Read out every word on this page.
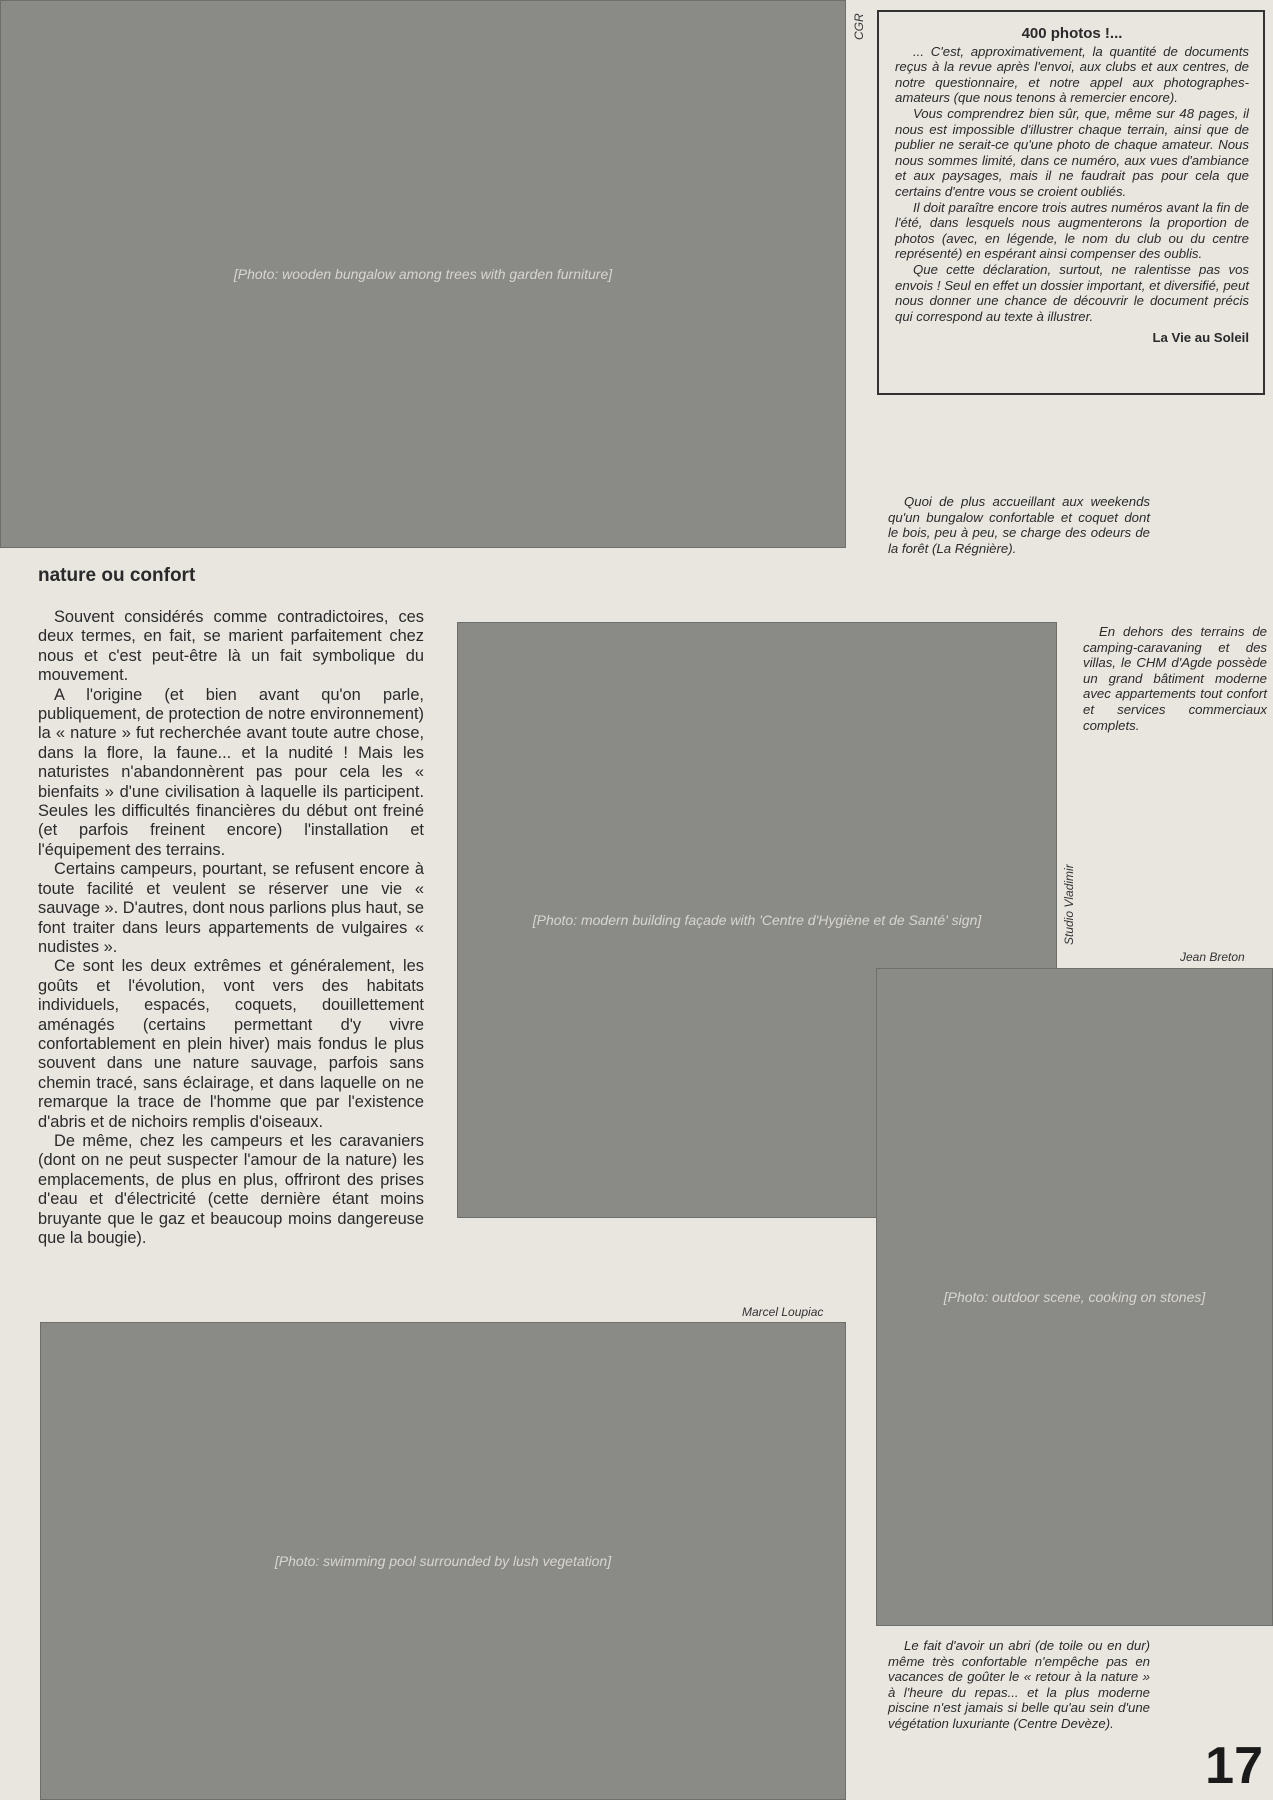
[Photo: wooden bungalow among trees with garden furniture]
CGR	400 photos !...

... C'est, approximativement, la quantité de documents reçus à la revue après l'envoi, aux clubs et aux centres, de notre questionnaire, et notre appel aux photographes-amateurs (que nous tenons à remercier encore).

Vous comprendrez bien sûr, que, même sur 48 pages, il nous est impossible d'illustrer chaque terrain, ainsi que de publier ne serait-ce qu'une photo de chaque amateur. Nous nous sommes limité, dans ce numéro, aux vues d'ambiance et aux paysages, mais il ne faudrait pas pour cela que certains d'entre vous se croient oubliés.

Il doit paraître encore trois autres numéros avant la fin de l'été, dans lesquels nous augmenterons la proportion de photos (avec, en légende, le nom du club ou du centre représenté) en espérant ainsi compenser des oublis.

Que cette déclaration, surtout, ne ralentisse pas vos envois ! Seul en effet un dossier important, et diversifié, peut nous donner une chance de découvrir le document précis qui correspond au texte à illustrer.

La Vie au Soleil

Quoi de plus accueillant aux weekends qu'un bungalow confortable et coquet dont le bois, peu à peu, se charge des odeurs de la forêt (La Régnière).

nature ou confort

Souvent considérés comme contradictoires, ces deux termes, en fait, se marient parfaitement chez nous et c'est peut-être là un fait symbolique du mouvement.

A l'origine (et bien avant qu'on parle, publiquement, de protection de notre environnement) la « nature » fut recherchée avant toute autre chose, dans la flore, la faune... et la nudité ! Mais les naturistes n'abandonnèrent pas pour cela les « bienfaits » d'une civilisation à laquelle ils participent. Seules les difficultés financières du début ont freiné (et parfois freinent encore) l'installation et l'équipement des terrains.

Certains campeurs, pourtant, se refusent encore à toute facilité et veulent se réserver une vie « sauvage ». D'autres, dont nous parlions plus haut, se font traiter dans leurs appartements de vulgaires « nudistes ».

Ce sont les deux extrêmes et généralement, les goûts et l'évolution, vont vers des habitats individuels, espacés, coquets, douillettement aménagés (certains permettant d'y vivre confortablement en plein hiver) mais fondus le plus souvent dans une nature sauvage, parfois sans chemin tracé, sans éclairage, et dans laquelle on ne remarque la trace de l'homme que par l'existence d'abris et de nichoirs remplis d'oiseaux.

De même, chez les campeurs et les caravaniers (dont on ne peut suspecter l'amour de la nature) les emplacements, de plus en plus, offriront des prises d'eau et d'électricité (cette dernière étant moins bruyante que le gaz et beaucoup moins dangereuse que la bougie).

[Photo: modern building façade with 'Centre d'Hygiène et de Santé' sign]	Studio Vladimir

En dehors des terrains de camping-caravaning et des villas, le CHM d'Agde possède un grand bâtiment moderne avec appartements tout confort et services commerciaux complets.

Jean Breton
[Photo: outdoor scene, cooking on stones]
Marcel Loupiac
[Photo: swimming pool surrounded by lush vegetation]

Le fait d'avoir un abri (de toile ou en dur) même très confortable n'empêche pas en vacances de goûter le « retour à la nature » à l'heure du repas... et la plus moderne piscine n'est jamais si belle qu'au sein d'une végétation luxuriante (Centre Devèze).

17
